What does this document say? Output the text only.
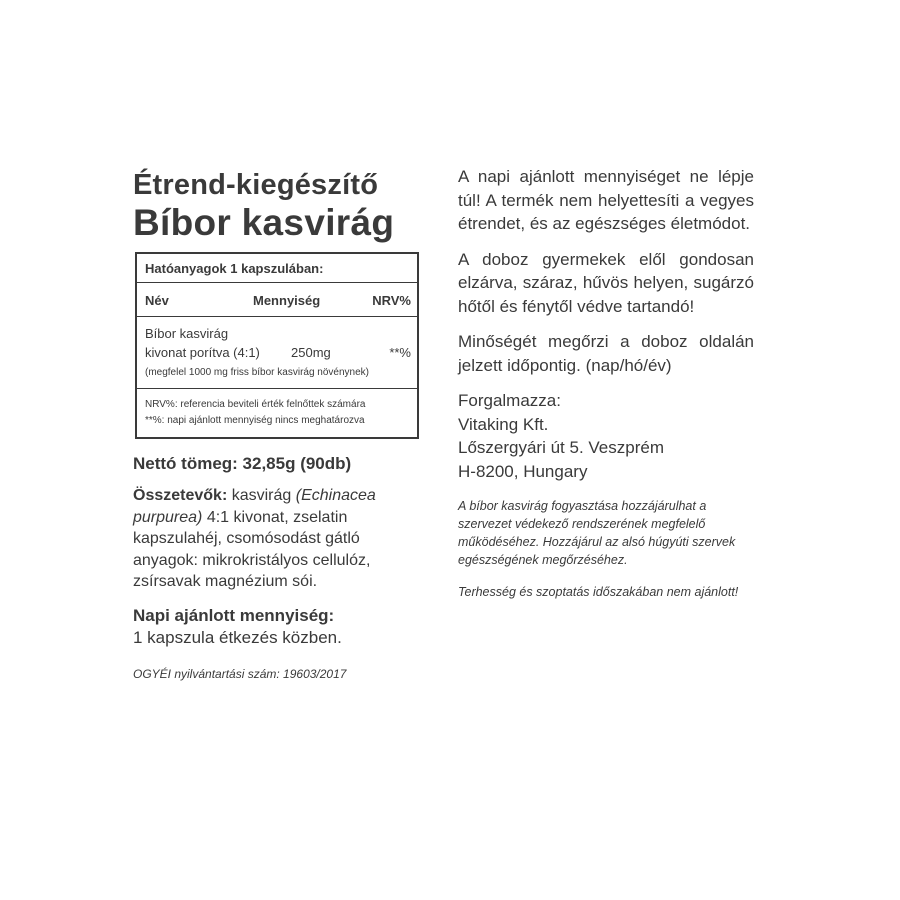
Étrend-kiegészítő
Bíbor kasvirág
Hatóanyagok 1 kapszulában:
Név	Mennyiség	NRV%
Bíbor kasvirág
kivonat porítva (4:1)	250mg	**%
(megfelel 1000 mg friss bíbor kasvirág növénynek)
NRV%: referencia beviteli érték felnőttek számára
**%: napi ajánlott mennyiség nincs meghatározva

Nettó tömeg: 32,85g (90db)

Összetevők: kasvirág (Echinacea purpurea) 4:1 kivonat, zselatin kapszulahéj, csomósodást gátló anyagok: mikrokristályos cellulóz, zsírsavak magnézium sói.

Napi ajánlott mennyiség:

1 kapszula étkezés közben.

OGYÉI nyilvántartási szám: 19603/2017

A napi ajánlott mennyiséget ne lépje túl! A termék nem helyettesíti a vegyes étrendet, és az egészséges életmódot.

A doboz gyermekek elől gondosan elzárva, száraz, hűvös helyen, sugárzó hőtől és fénytől védve tartandó!

Minőségét megőrzi a doboz oldalán jelzett időpontig. (nap/hó/év)

Forgalmazza:
Vitaking Kft.
Lőszergyári út 5. Veszprém
H-8200, Hungary

A bíbor kasvirág fogyasztása hozzájárulhat a szervezet védekező rendszerének megfelelő működéséhez. Hozzájárul az alsó húgyúti szervek egészségének megőrzéséhez.

Terhesség és szoptatás időszakában nem ajánlott!
